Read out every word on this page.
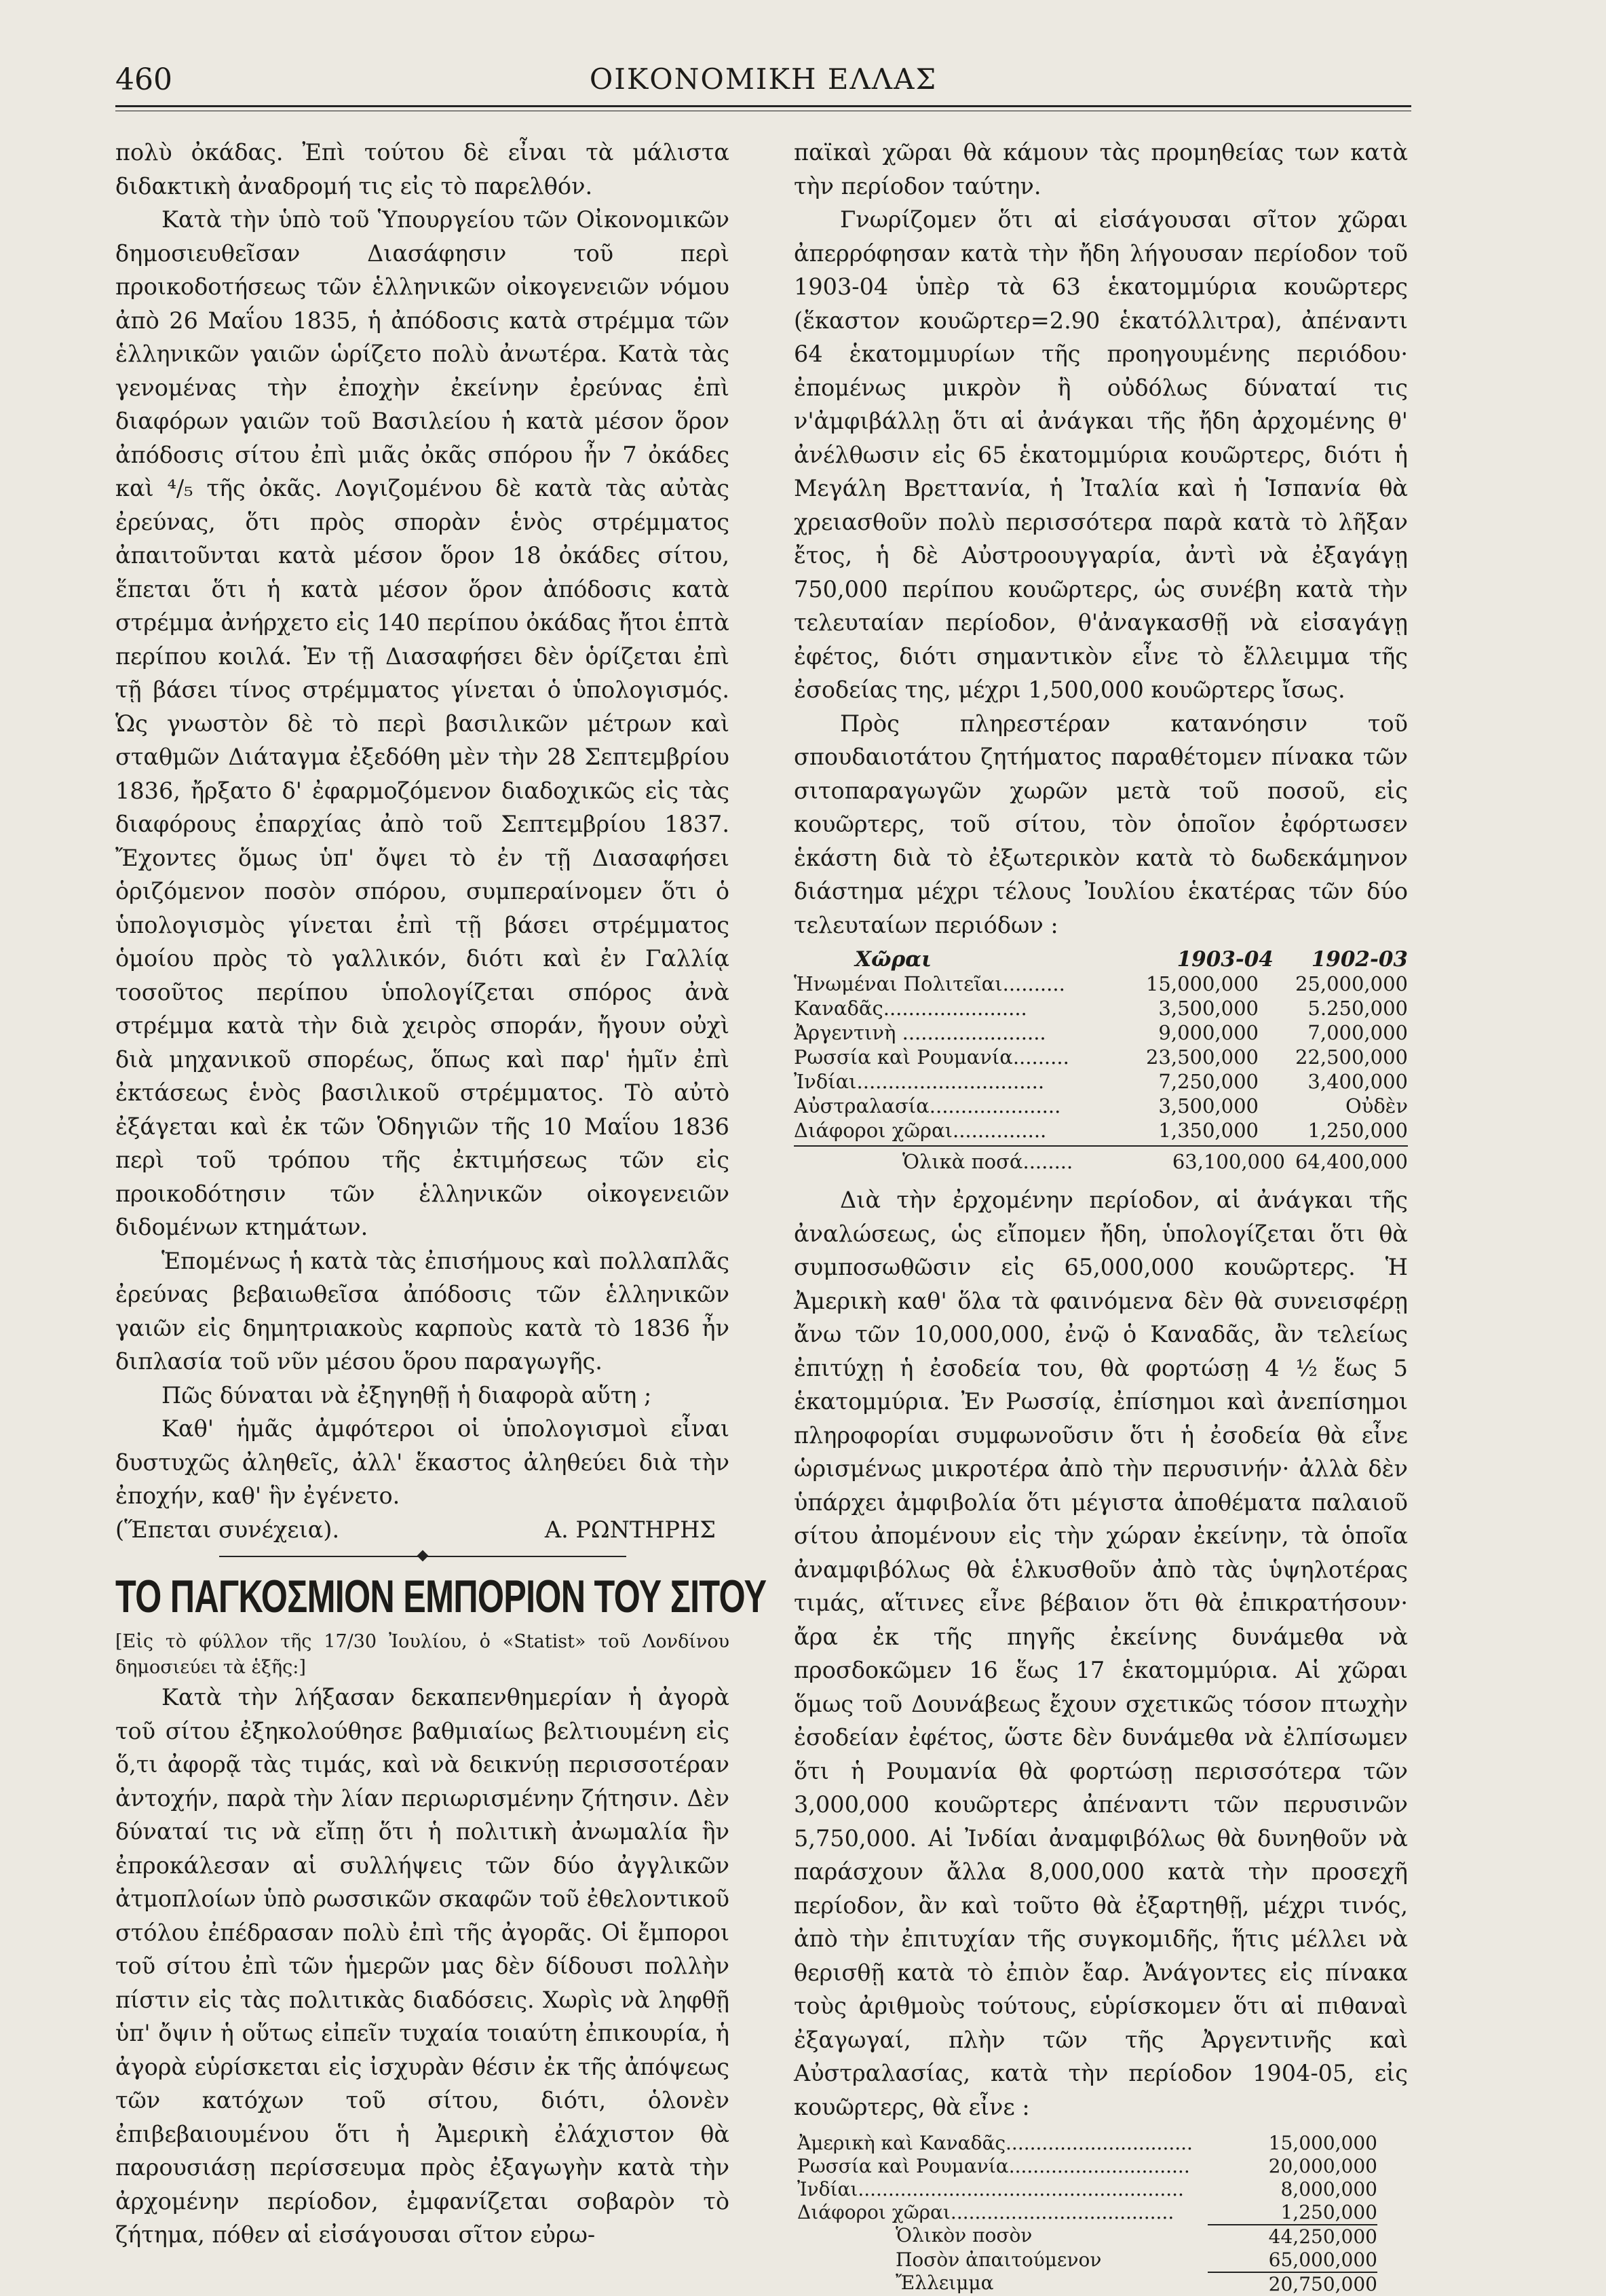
460	ΟΙΚΟΝΟΜΙΚΗ ΕΛΛΑΣ

πολὺ ὀκάδας. Ἐπὶ τούτου δὲ εἶναι τὰ μάλιστα διδακτικὴ ἀναδρομή τις εἰς τὸ παρελθόν.

Κατὰ τὴν ὑπὸ τοῦ Ὑπουργείου τῶν Οἰκονομικῶν δημοσιευθεῖσαν Διασάφησιν τοῦ περὶ προικοδοτήσεως τῶν ἑλληνικῶν οἰκογενειῶν νόμου ἀπὸ 26 Μαΐου 1835, ἡ ἀπόδοσις κατὰ στρέμμα τῶν ἑλληνικῶν γαιῶν ὡρίζετο πολὺ ἀνωτέρα. Κατὰ τὰς γενομένας τὴν ἐποχὴν ἐκείνην ἐρεύνας ἐπὶ διαφόρων γαιῶν τοῦ Βασιλείου ἡ κατὰ μέσον ὅρον ἀπόδοσις σίτου ἐπὶ μιᾶς ὀκᾶς σπόρου ἦν 7 ὀκάδες καὶ ⁴/₅ τῆς ὀκᾶς. Λογιζομένου δὲ κατὰ τὰς αὐτὰς ἐρεύνας, ὅτι πρὸς σπορὰν ἑνὸς στρέμματος ἀπαιτοῦνται κατὰ μέσον ὅρον 18 ὀκάδες σίτου, ἕπεται ὅτι ἡ κατὰ μέσον ὅρον ἀπόδοσις κατὰ στρέμμα ἀνήρχετο εἰς 140 περίπου ὀκάδας ἤτοι ἑπτὰ περίπου κοιλά. Ἐν τῇ Διασαφήσει δὲν ὁρίζεται ἐπὶ τῇ βάσει τίνος στρέμματος γίνεται ὁ ὑπολογισμός. Ὡς γνωστὸν δὲ τὸ περὶ βασιλικῶν μέτρων καὶ σταθμῶν Διάταγμα ἐξεδόθη μὲν τὴν 28 Σεπτεμβρίου 1836, ἤρξατο δ' ἐφαρμοζόμενον διαδοχικῶς εἰς τὰς διαφόρους ἐπαρχίας ἀπὸ τοῦ Σεπτεμβρίου 1837. Ἔχοντες ὅμως ὑπ' ὄψει τὸ ἐν τῇ Διασαφήσει ὁριζόμενον ποσὸν σπόρου, συμπεραίνομεν ὅτι ὁ ὑπολογισμὸς γίνεται ἐπὶ τῇ βάσει στρέμματος ὁμοίου πρὸς τὸ γαλλικόν, διότι καὶ ἐν Γαλλίᾳ τοσοῦτος περίπου ὑπολογίζεται σπόρος ἀνὰ στρέμμα κατὰ τὴν διὰ χειρὸς σποράν, ἤγουν οὐχὶ διὰ μηχανικοῦ σπορέως, ὅπως καὶ παρ' ἡμῖν ἐπὶ ἐκτάσεως ἑνὸς βασιλικοῦ στρέμματος. Τὸ αὐτὸ ἐξάγεται καὶ ἐκ τῶν Ὁδηγιῶν τῆς 10 Μαΐου 1836 περὶ τοῦ τρόπου τῆς ἐκτιμήσεως τῶν εἰς προικοδότησιν τῶν ἑλληνικῶν οἰκογενειῶν διδομένων κτημάτων.

Ἑπομένως ἡ κατὰ τὰς ἐπισήμους καὶ πολλαπλᾶς ἐρεύνας βεβαιωθεῖσα ἀπόδοσις τῶν ἑλληνικῶν γαιῶν εἰς δημητριακοὺς καρποὺς κατὰ τὸ 1836 ἦν διπλασία τοῦ νῦν μέσου ὅρου παραγωγῆς.

Πῶς δύναται νὰ ἐξηγηθῇ ἡ διαφορὰ αὕτη ;

Καθ' ἡμᾶς ἀμφότεροι οἱ ὑπολογισμοὶ εἶναι δυστυχῶς ἀληθεῖς, ἀλλ' ἕκαστος ἀληθεύει διὰ τὴν ἐποχήν, καθ' ἣν ἐγένετο.

(Ἕπεται συνέχεια).	Α. ΡΩΝΤΗΡΗΣ
ΤΟ ΠΑΓΚΟΣΜΙΟΝ ΕΜΠΟΡΙΟΝ ΤΟΥ ΣΙΤΟΥ

[Εἰς τὸ φύλλον τῆς 17/30 Ἰουλίου, ὁ «Statist» τοῦ Λονδίνου δημοσιεύει τὰ ἑξῆς:]

Κατὰ τὴν λήξασαν δεκαπενθημερίαν ἡ ἀγορὰ τοῦ σίτου ἐξηκολούθησε βαθμιαίως βελτιουμένη εἰς ὅ,τι ἀφορᾷ τὰς τιμάς, καὶ νὰ δεικνύῃ περισσοτέραν ἀντοχήν, παρὰ τὴν λίαν περιωρισμένην ζήτησιν. Δὲν δύναταί τις νὰ εἴπῃ ὅτι ἡ πολιτικὴ ἀνωμαλία ἣν ἐπροκάλεσαν αἱ συλλήψεις τῶν δύο ἀγγλικῶν ἀτμοπλοίων ὑπὸ ρωσσικῶν σκαφῶν τοῦ ἐθελοντικοῦ στόλου ἐπέδρασαν πολὺ ἐπὶ τῆς ἀγορᾶς. Οἱ ἔμποροι τοῦ σίτου ἐπὶ τῶν ἡμερῶν μας δὲν δίδουσι πολλὴν πίστιν εἰς τὰς πολιτικὰς διαδόσεις. Χωρὶς νὰ ληφθῇ ὑπ' ὄψιν ἡ οὕτως εἰπεῖν τυχαία τοιαύτη ἐπικουρία, ἡ ἀγορὰ εὑρίσκεται εἰς ἰσχυρὰν θέσιν ἐκ τῆς ἀπόψεως τῶν κατόχων τοῦ σίτου, διότι, ὁλονὲν ἐπιβεβαιουμένου ὅτι ἡ Ἀμερικὴ ἐλάχιστον θὰ παρουσιάσῃ περίσσευμα πρὸς ἐξαγωγὴν κατὰ τὴν ἀρχομένην περίοδον, ἐμφανίζεται σοβαρὸν τὸ ζήτημα, πόθεν αἱ εἰσάγουσαι σῖτον εὐρω-

παϊκαὶ χῶραι θὰ κάμουν τὰς προμηθείας των κατὰ τὴν περίοδον ταύτην.

Γνωρίζομεν ὅτι αἱ εἰσάγουσαι σῖτον χῶραι ἀπερρόφησαν κατὰ τὴν ἤδη λήγουσαν περίοδον τοῦ 1903-04 ὑπὲρ τὰ 63 ἑκατομμύρια κουῶρτερς (ἕκαστον κουῶρτερ=2.90 ἑκατόλλιτρα), ἀπέναντι 64 ἑκατομμυρίων τῆς προηγουμένης περιόδου· ἐπομένως μικρὸν ἢ οὐδόλως δύναταί τις ν'ἀμφιβάλλῃ ὅτι αἱ ἀνάγκαι τῆς ἤδη ἀρχομένης θ' ἀνέλθωσιν εἰς 65 ἑκατομμύρια κουῶρτερς, διότι ἡ Μεγάλη Βρεττανία, ἡ Ἰταλία καὶ ἡ Ἱσπανία θὰ χρειασθοῦν πολὺ περισσότερα παρὰ κατὰ τὸ λῆξαν ἔτος, ἡ δὲ Αὐστροουγγαρία, ἀντὶ νὰ ἐξαγάγῃ 750,000 περίπου κουῶρτερς, ὡς συνέβη κατὰ τὴν τελευταίαν περίοδον, θ'ἀναγκασθῇ νὰ εἰσαγάγῃ ἐφέτος, διότι σημαντικὸν εἶνε τὸ ἔλλειμμα τῆς ἐσοδείας της, μέχρι 1,500,000 κουῶρτερς ἴσως.

Πρὸς πληρεστέραν κατανόησιν τοῦ σπουδαιοτάτου ζητήματος παραθέτομεν πίνακα τῶν σιτοπαραγωγῶν χωρῶν μετὰ τοῦ ποσοῦ, εἰς κουῶρτερς, τοῦ σίτου, τὸν ὁποῖον ἐφόρτωσεν ἑκάστη διὰ τὸ ἐξωτερικὸν κατὰ τὸ δωδεκάμηνον διάστημα μέχρι τέλους Ἰουλίου ἑκατέρας τῶν δύο τελευταίων περιόδων :

Χῶραι	1903-04	1902-03
Ἡνωμέναι Πολιτεῖαι..........	15,000,000	25,000,000
Καναδᾶς.......................	3,500,000	5.250,000
Ἀργεντινὴ .......................	9,000,000	7,000,000
Ρωσσία καὶ Ρουμανία.........	23,500,000	22,500,000
Ἰνδίαι..............................	7,250,000	3,400,000
Αὐστραλασία.....................	3,500,000	Οὐδὲν
Διάφοροι χῶραι...............	1,350,000	1,250,000
Ὁλικὰ ποσά........	63,100,000 64,400,000

Διὰ τὴν ἐρχομένην περίοδον, αἱ ἀνάγκαι τῆς ἀναλώσεως, ὡς εἴπομεν ἤδη, ὑπολογίζεται ὅτι θὰ συμποσωθῶσιν εἰς 65,000,000 κουῶρτερς. Ἡ Ἀμερικὴ καθ' ὅλα τὰ φαινόμενα δὲν θὰ συνεισφέρῃ ἄνω τῶν 10,000,000, ἐνῷ ὁ Καναδᾶς, ἂν τελείως ἐπιτύχῃ ἡ ἐσοδεία του, θὰ φορτώσῃ 4 ½ ἕως 5 ἑκατομμύρια. Ἐν Ρωσσίᾳ, ἐπίσημοι καὶ ἀνεπίσημοι πληροφορίαι συμφωνοῦσιν ὅτι ἡ ἐσοδεία θὰ εἶνε ὡρισμένως μικροτέρα ἀπὸ τὴν περυσινήν· ἀλλὰ δὲν ὑπάρχει ἀμφιβολία ὅτι μέγιστα ἀποθέματα παλαιοῦ σίτου ἀπομένουν εἰς τὴν χώραν ἐκείνην, τὰ ὁποῖα ἀναμφιβόλως θὰ ἑλκυσθοῦν ἀπὸ τὰς ὑψηλοτέρας τιμάς, αἵτινες εἶνε βέβαιον ὅτι θὰ ἐπικρατήσουν· ἄρα ἐκ τῆς πηγῆς ἐκείνης δυνάμεθα νὰ προσδοκῶμεν 16 ἕως 17 ἑκατομμύρια. Αἱ χῶραι ὅμως τοῦ Δουνάβεως ἔχουν σχετικῶς τόσον πτωχὴν ἐσοδείαν ἐφέτος, ὥστε δὲν δυνάμεθα νὰ ἐλπίσωμεν ὅτι ἡ Ρουμανία θὰ φορτώσῃ περισσότερα τῶν 3,000,000 κουῶρτερς ἀπέναντι τῶν περυσινῶν 5,750,000. Αἱ Ἰνδίαι ἀναμφιβόλως θὰ δυνηθοῦν νὰ παράσχουν ἄλλα 8,000,000 κατὰ τὴν προσεχῆ περίοδον, ἂν καὶ τοῦτο θὰ ἐξαρτηθῇ, μέχρι τινός, ἀπὸ τὴν ἐπιτυχίαν τῆς συγκομιδῆς, ἥτις μέλλει νὰ θερισθῇ κατὰ τὸ ἐπιὸν ἔαρ. Ἀνάγοντες εἰς πίνακα τοὺς ἀριθμοὺς τούτους, εὑρίσκομεν ὅτι αἱ πιθαναὶ ἐξαγωγαί, πλὴν τῶν τῆς Ἀργεντινῆς καὶ Αὐστραλασίας, κατὰ τὴν περίοδον 1904-05, εἰς κουῶρτερς, θὰ εἶνε :

Ἀμερικὴ καὶ Καναδᾶς...............................	15,000,000
Ρωσσία καὶ Ρουμανία..............................	20,000,000
Ἰνδίαι......................................................	8,000,000
Διάφοροι χῶραι.....................................	1,250,000
Ὁλικὸν ποσὸν	44,250,000
Ποσὸν ἀπαιτούμενον	65,000,000
Ἔλλειμμα	20,750,000
